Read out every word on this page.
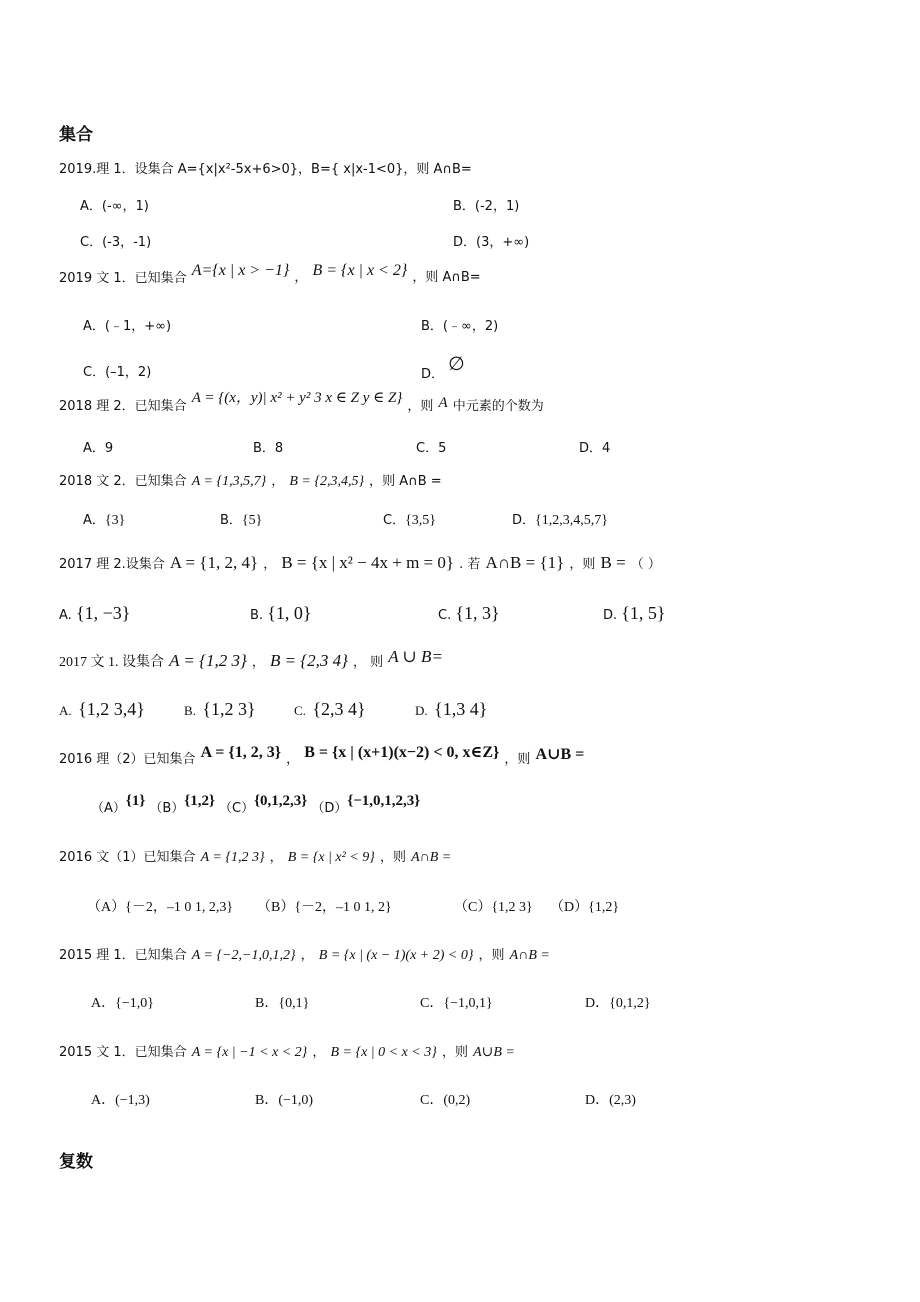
集合
2019.理 1．设集合 A={x|x²-5x+6>0}，B={ x|x-1<0}，则 A∩B=
A．(-∞，1)	B．(-2，1)
C．(-3，-1)	D．(3，+∞)
2019 文 1．已知集合 A={x | x > −1} ， B = {x | x < 2} ，则 A∩B=
A．(﹣1，+∞)	B．(﹣∞，2)
C．(–1，2)	D． ∅
2018 理 2．已知集合 A = {(x，y)| x² + y² 3 x ∈ Z y ∈ Z} ，则 A 中元素的个数为
A．9	B．8	C．5	D．4
2018 文 2．已知集合 A = {1,3,5,7} ， B = {2,3,4,5} ，则 A∩B =
A．{3}	B．{5}	C．{3,5}	D．{1,2,3,4,5,7}
2017 理 2.设集合 A = {1, 2, 4} ， B = {x | x² − 4x + m = 0} . 若 A∩B = {1} ，则 B = （ ）
A. {1, −3}	B. {1, 0}	C. {1, 3}	D. {1, 5}
2017 文 1. 设集合 A = {1,2 3} ， B = {2,3 4} ， 则 A ∪ B=
A. {1,2 3,4}	B. {1,2 3}	C. {2,3 4}	D. {1,3 4}
2016 理（2）已知集合 A = {1, 2, 3} ， B = {x | (x+1)(x−2) < 0, x∈Z} ，则 A∪B =
（A）{1} （B）{1,2} （C）{0,1,2,3} （D）{−1,0,1,2,3}
2016 文（1）已知集合 A = {1,2 3} ， B = {x | x² < 9} ，则 A∩B =
（A）{－2，–1 0 1, 2,3} （B）{－2，–1 0 1, 2}	（C）{1,2 3} （D）{1,2}
2015 理 1．已知集合 A = {−2,−1,0,1,2} ， B = {x | (x − 1)(x + 2) < 0} ，则 A∩B =
A．{−1,0}	B．{0,1}	C．{−1,0,1}	D．{0,1,2}
2015 文 1．已知集合 A = {x | −1 < x < 2} ， B = {x | 0 < x < 3} ，则 A∪B =
A．(−1,3)	B．(−1,0)	C．(0,2)	D．(2,3)
复数
